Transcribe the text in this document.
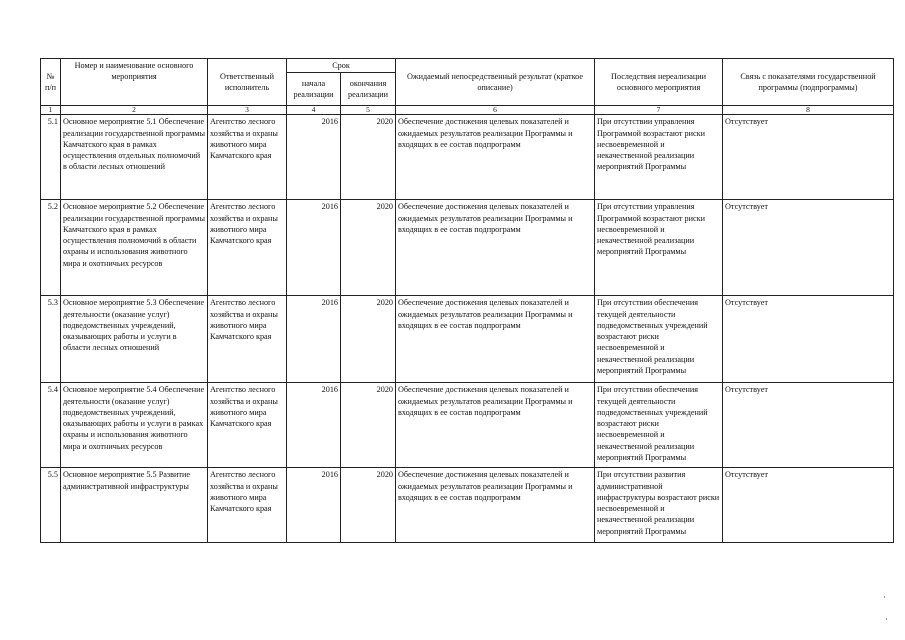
№
п/п	Номер и наименование основного мероприятия	Ответственный исполнитель	Срок		Ожидаемый непосредственный результат (краткое описание)	Последствия нереализации основного мероприятия	Связь с показателями государственной программы (подпрограммы)
			начала реализации	окончания реализации			
1	2	3	4	5	6	7	8
5.1	Основное мероприятие 5.1 Обеспечение реализации государственной программы Камчатского края в рамках осуществления отдельных полномочий в области лесных отношений	Агентство лесного хозяйства и охраны животного мира Камчатского края	2016	2020	Обеспечение достижения целевых показателей и ожидаемых результатов реализации Программы и входящих в ее состав подпрограмм	При отсутствии управления Программой возрастают риски несвоевременной и некачественной реализации мероприятий Программы	Отсутствует
5.2	Основное мероприятие 5.2 Обеспечение реализации государственной программы Камчатского края в рамках осуществления полномочий в области охраны и использования животного мира и охотничьих ресурсов	Агентство лесного хозяйства и охраны животного мира Камчатского края	2016	2020	Обеспечение достижения целевых показателей и ожидаемых результатов реализации Программы и входящих в ее состав подпрограмм	При отсутствии управления Программой возрастают риски несвоевременной и некачественной реализации мероприятий Программы	Отсутствует
5.3	Основное мероприятие 5.3 Обеспечение деятельности (оказание услуг) подведомственных учреждений, оказывающих работы и услуги в области лесных отношений	Агентство лесного хозяйства и охраны животного мира Камчатского края	2016	2020	Обеспечение достижения целевых показателей и ожидаемых результатов реализации Программы и входящих в ее состав подпрограмм	При отсутствии обеспечения текущей деятельности подведомственных учреждений возрастают риски несвоевременной и некачественной реализации мероприятий Программы	Отсутствует
5.4	Основное мероприятие 5.4 Обеспечение деятельности (оказание услуг) подведомственных учреждений, оказывающих работы и услуги в рамках охраны и использования животного мира и охотничьих ресурсов	Агентство лесного хозяйства и охраны животного мира Камчатского края	2016	2020	Обеспечение достижения целевых показателей и ожидаемых результатов реализации Программы и входящих в ее состав подпрограмм	При отсутствии обеспечения текущей деятельности подведомственных учреждений возрастают риски несвоевременной и некачественной реализации мероприятий Программы	Отсутствует
5.5	Основное мероприятие 5.5 Развитие административной инфраструктуры	Агентство лесного хозяйства и охраны животного мира Камчатского края	2016	2020	Обеспечение достижения целевых показателей и ожидаемых результатов реализации Программы и входящих в ее состав подпрограмм	При отсутствии развития административной инфраструктуры возрастают риски несвоевременной и некачественной реализации мероприятий Программы	Отсутствует
